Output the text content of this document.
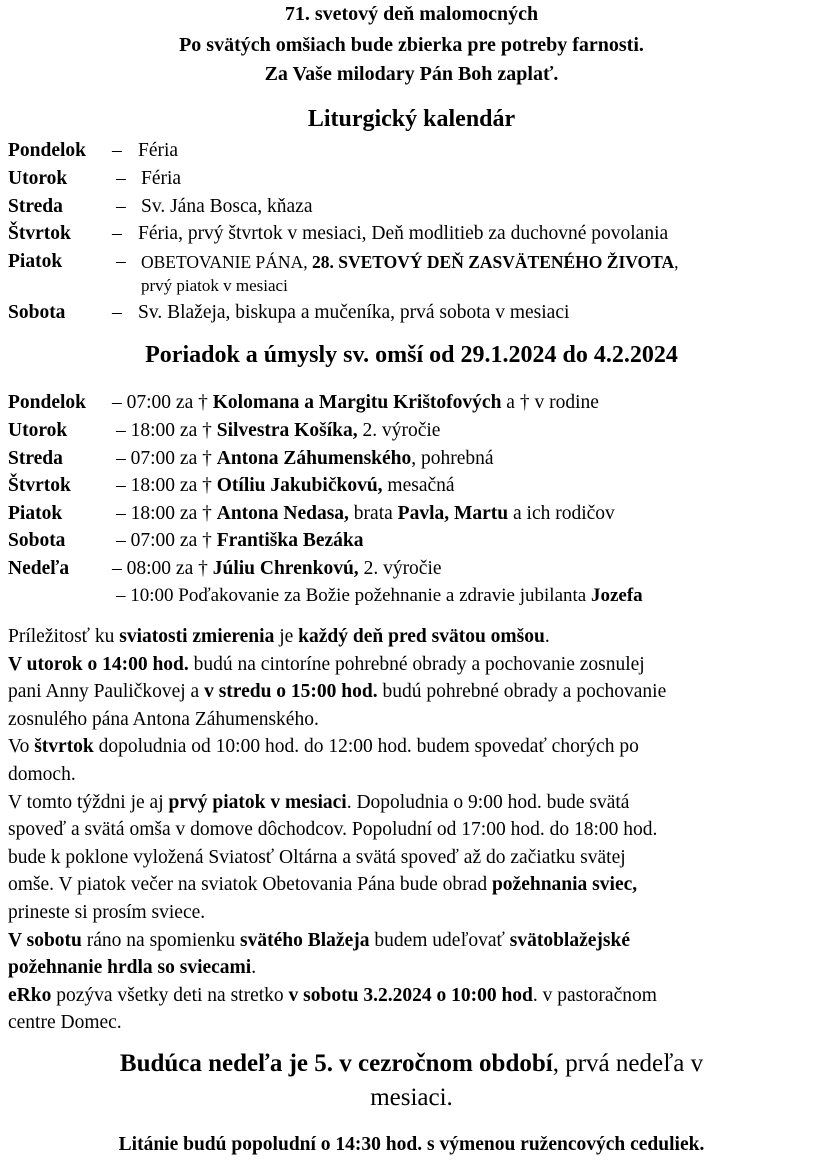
71. svetový deň malomocných
Po svätých omšiach bude zbierka pre potreby farnosti.
Za Vaše milodary Pán Boh zaplať.
Liturgický kalendár
Pondelok – Féria
Utorok	– Féria
Streda	– Sv. Jána Bosca, kňaza
Štvrtok – Féria, prvý štvrtok v mesiaci, Deň modlitieb za duchovné povolania
Piatok	– OBETOVANIE PÁNA, 28. SVETOVÝ DEŇ ZASVÄTENÉHO ŽIVOTA,
prvý piatok v mesiaci
Sobota – Sv. Blažeja, biskupa a mučeníka, prvá sobota v mesiaci
Poriadok a úmysly sv. omší od 29.1.2024 do 4.2.2024
Pondelok – 07:00 za † Kolomana a Margitu Krištofových a † v rodine
Utorok	– 18:00 za † Silvestra Košíka, 2. výročie
Streda	– 07:00 za † Antona Záhumenského, pohrebná
Štvrtok – 18:00 za † Otíliu Jakubičkovú, mesačná
Piatok	– 18:00 za † Antona Nedasa, brata Pavla, Martu a ich rodičov
Sobota	– 07:00 za † Františka Bezáka
Nedeľa – 08:00 za † Júliu Chrenkovú, 2. výročie
– 10:00 Poďakovanie za Božie požehnanie a zdravie jubilanta Jozefa
Príležitosť ku sviatosti zmierenia je každý deň pred svätou omšou.
V utorok o 14:00 hod. budú na cintoríne pohrebné obrady a pochovanie zosnulej
pani Anny Pauličkovej a v stredu o 15:00 hod. budú pohrebné obrady a pochovanie
zosnulého pána Antona Záhumenského.
Vo štvrtok dopoludnia od 10:00 hod. do 12:00 hod. budem spovedať chorých po
domoch.
V tomto týždni je aj prvý piatok v mesiaci. Dopoludnia o 9:00 hod. bude svätá
spoveď a svätá omša v domove dôchodcov. Popoludní od 17:00 hod. do 18:00 hod.
bude k poklone vyložená Sviatosť Oltárna a svätá spoveď až do začiatku svätej
omše. V piatok večer na sviatok Obetovania Pána bude obrad požehnania sviec,
prineste si prosím sviece.
V sobotu ráno na spomienku svätého Blažeja budem udeľovať svätoblažejské
požehnanie hrdla so sviecami.
eRko pozýva všetky deti na stretko v sobotu 3.2.2024 o 10:00 hod. v pastoračnom
centre Domec.
Budúca nedeľa je 5. v cezročnom období, prvá nedeľa v
mesiaci.
Litánie budú popoludní o 14:30 hod. s výmenou ružencových ceduliek.
